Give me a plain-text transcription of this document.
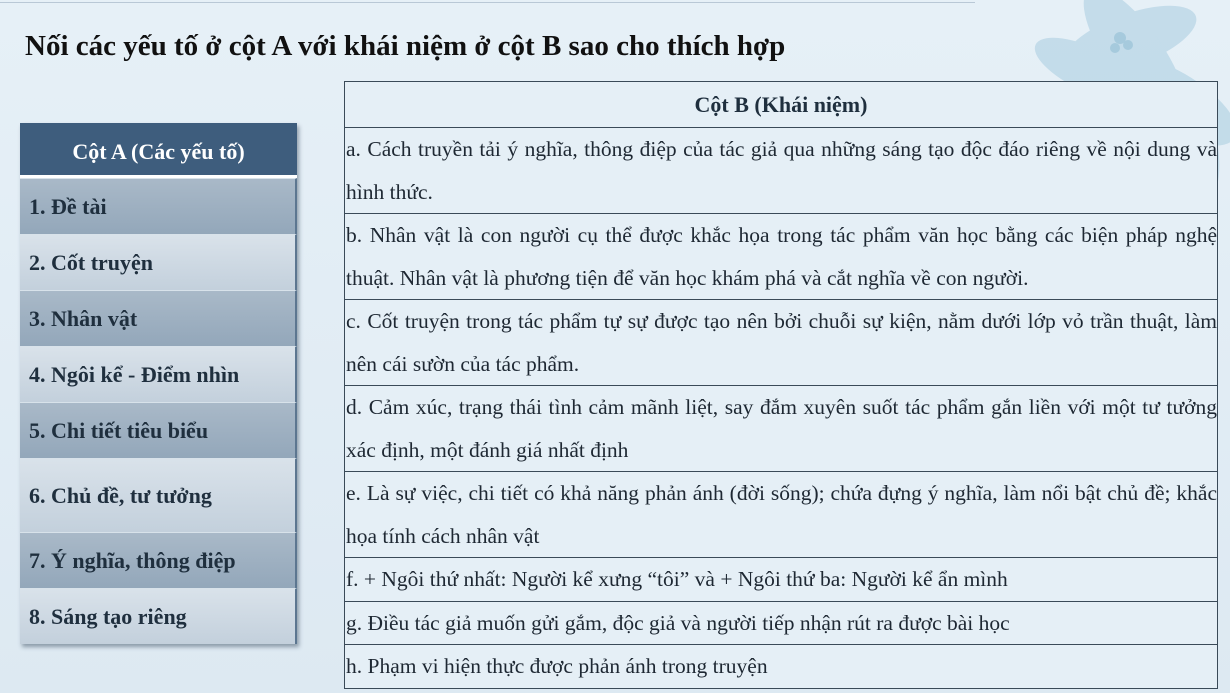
Nối các yếu tố ở cột A với khái niệm ở cột B sao cho thích hợp
Cột A (Các yếu tố)
1. Đề tài
2. Cốt truyện
3. Nhân vật
4. Ngôi kể - Điểm nhìn
5. Chi tiết tiêu biểu
6. Chủ đề, tư tưởng
7. Ý nghĩa, thông điệp
8. Sáng tạo riêng
Cột B (Khái niệm)
a. Cách truyền tải ý nghĩa, thông điệp của tác giả qua những sáng tạo độc đáo riêng về nội dung và hình thức.
b. Nhân vật là con người cụ thể được khắc họa trong tác phẩm văn học bằng các biện pháp nghệ thuật. Nhân vật là phương tiện để văn học khám phá và cắt nghĩa về con người.
c. Cốt truyện trong tác phẩm tự sự được tạo nên bởi chuỗi sự kiện, nằm dưới lớp vỏ trần thuật, làm nên cái sườn của tác phẩm.
d. Cảm xúc, trạng thái tình cảm mãnh liệt, say đắm xuyên suốt tác phẩm gắn liền với một tư tưởng xác định, một đánh giá nhất định
e. Là sự việc, chi tiết có khả năng phản ánh (đời sống); chứa đựng ý nghĩa, làm nổi bật chủ đề; khắc họa tính cách nhân vật
f. + Ngôi thứ nhất: Người kể xưng “tôi” và + Ngôi thứ ba: Người kể ẩn mình
g. Điều tác giả muốn gửi gắm, độc giả và người tiếp nhận rút ra được bài học
h. Phạm vi hiện thực được phản ánh trong truyện
